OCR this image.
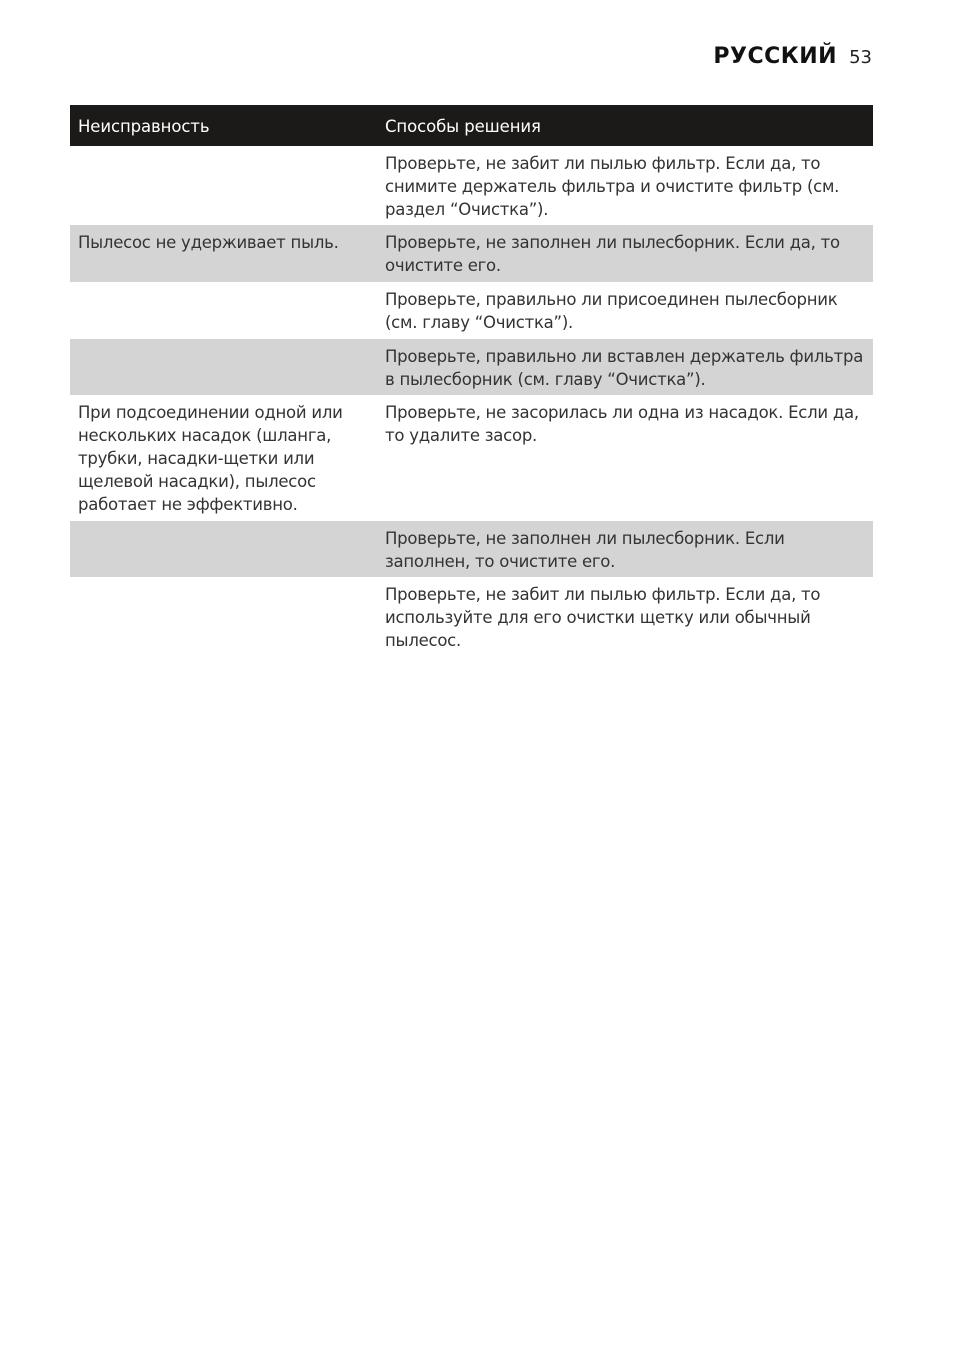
РУССКИЙ 53
Неисправность	Способы решения
Проверьте, не забит ли пылью фильтр. Если да, то снимите держатель фильтра и очистите фильтр (см. раздел “Очистка”).
Пылесос не удерживает пыль.	Проверьте, не заполнен ли пылесборник. Если да, то очистите его.
Проверьте, правильно ли присоединен пылесборник (см. главу “Очистка”).
Проверьте, правильно ли вставлен держатель фильтра в пылесборник (см. главу “Очистка”).
При подсоединении одной или нескольких насадок (шланга, трубки, насадки-щетки или щелевой насадки), пылесос работает не эффективно.
Проверьте, не засорилась ли одна из насадок. Если да, то удалите засор.
Проверьте, не заполнен ли пылесборник. Если заполнен, то очистите его.
Проверьте, не забит ли пылью фильтр. Если да, то используйте для его очистки щетку или обычный пылесос.
